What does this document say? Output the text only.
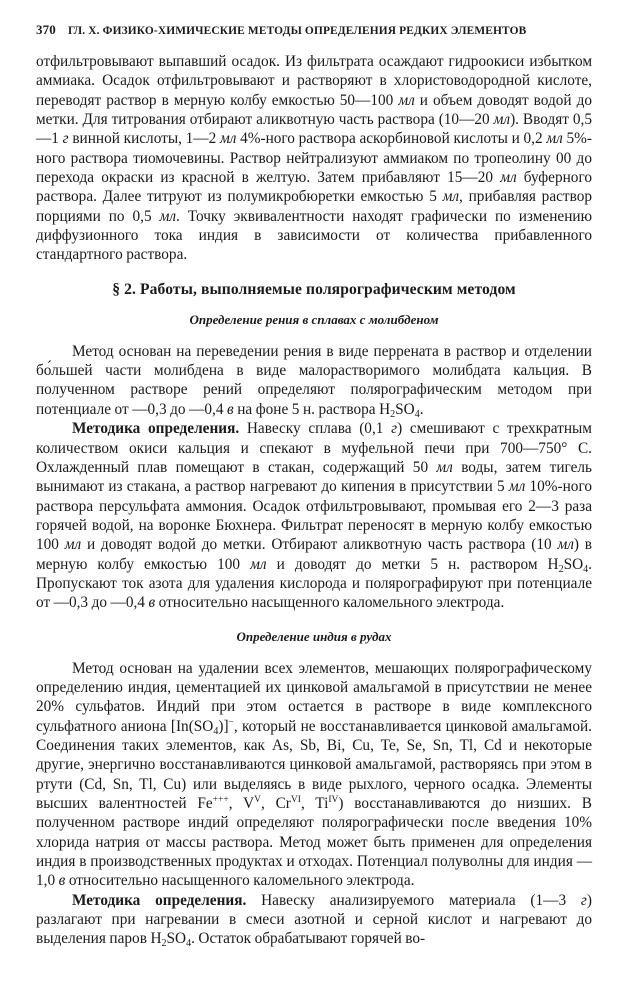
370 ГЛ. X. ФИЗИКО-ХИМИЧЕСКИЕ МЕТОДЫ ОПРЕДЕЛЕНИЯ РЕДКИХ ЭЛЕМЕНТОВ

отфильтровывают выпавший осадок. Из фильтрата осаждают гидроокиси избытком аммиака. Осадок отфильтровывают и растворяют в хлористоводородной кислоте, переводят раствор в мерную колбу емкостью 50—100 мл и объем доводят водой до метки. Для титрования отбирают аликвотную часть раствора (10—20 мл). Вводят 0,5—1 г винной кислоты, 1—2 мл 4%-ного раствора аскорбиновой кислоты и 0,2 мл 5%-ного раствора тиомочевины. Раствор нейтрализуют аммиаком по тропеолину 00 до перехода окраски из красной в желтую. Затем прибавляют 15—20 мл буферного раствора. Далее титруют из полумикробюретки емкостью 5 мл, прибавляя раствор порциями по 0,5 мл. Точку эквивалентности находят графически по изменению диффузионного тока индия в зависимости от количества прибавленного стандартного раствора.

§ 2. Работы, выполняемые полярографическим методом
Определение рения в сплавах с молибденом

Метод основан на переведении рения в виде перрената в раствор и отделении бо́льшей части молибдена в виде малорастворимого молибдата кальция. В полученном растворе рений определяют полярографическим методом при потенциале от —0,3 до —0,4 в на фоне 5 н. раствора $H_2SO_4$.

Методика определения. Навеску сплава (0,1 г) смешивают с трехкратным количеством окиси кальция и спекают в муфельной печи при 700—750° С. Охлажденный плав помещают в стакан, содержащий 50 мл воды, затем тигель вынимают из стакана, а раствор нагревают до кипения в присутствии 5 мл 10%-ного раствора персульфата аммония. Осадок отфильтровывают, промывая его 2—3 раза горячей водой, на воронке Бюхнера. Фильтрат переносят в мерную колбу емкостью 100 мл и доводят водой до метки. Отбирают аликвотную часть раствора (10 мл) в мерную колбу емкостью 100 мл и доводят до метки 5 н. раствором $H_2SO_4$. Пропускают ток азота для удаления кислорода и полярографируют при потенциале от —0,3 до —0,4 в относительно насыщенного каломельного электрода.

Определение индия в рудах

Метод основан на удалении всех элементов, мешающих полярографическому определению индия, цементацией их цинковой амальгамой в присутствии не менее 20% сульфатов. Индий при этом остается в растворе в виде комплексного сульфатного аниона $[In(SO_4)]^-$, который не восстанавливается цинковой амальгамой. Соединения таких элементов, как As, Sb, Bi, Cu, Te, Se, Sn, Tl, Cd и некоторые другие, энергично восстанавливаются цинковой амальгамой, растворяясь при этом в ртути (Cd, Sn, Tl, Cu) или выделяясь в виде рыхлого, черного осадка. Элементы высших валентностей Fe+++, $V^V$, $Cr^{VI}$, $Ti^{IV}$) восстанавливаются до низших. В полученном растворе индий определяют полярографически после введения 10% хлорида натрия от массы раствора. Метод может быть применен для определения индия в производственных продуктах и отходах. Потенциал полуволны для индия —1,0 в относительно насыщенного каломельного электрода.

Методика определения. Навеску анализируемого материала (1—3 г) разлагают при нагревании в смеси азотной и серной кислот и нагревают до выделения паров $H_2SO_4$. Остаток обрабатывают горячей во-
